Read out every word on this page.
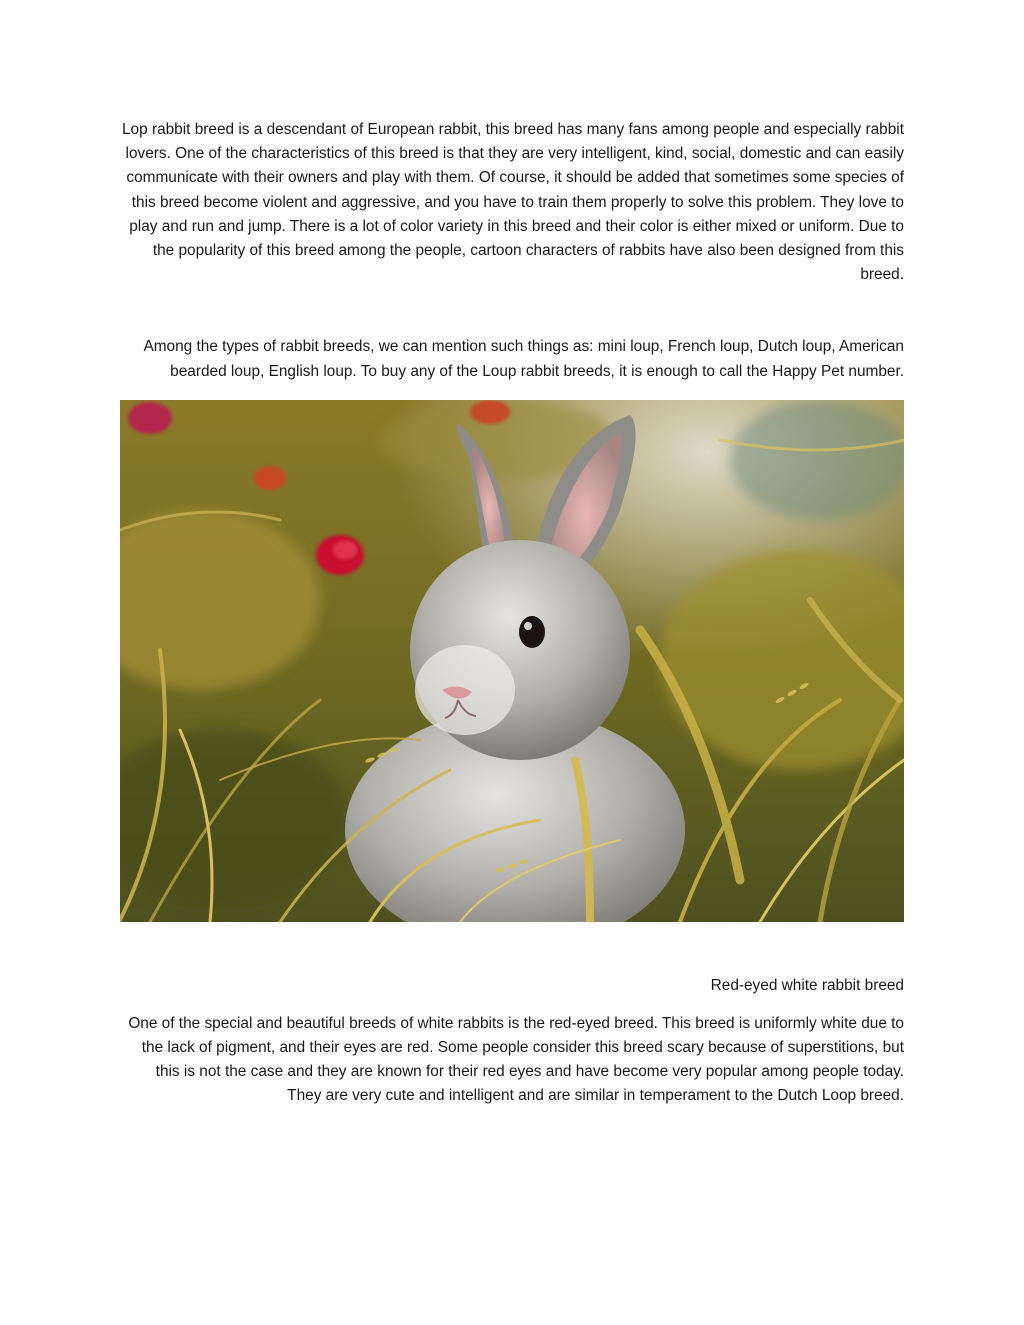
Lop rabbit breed is a descendant of European rabbit, this breed has many fans among people and especially rabbit lovers. One of the characteristics of this breed is that they are very intelligent, kind, social, domestic and can easily communicate with their owners and play with them. Of course, it should be added that sometimes some species of this breed become violent and aggressive, and you have to train them properly to solve this problem. They love to play and run and jump. There is a lot of color variety in this breed and their color is either mixed or uniform. Due to the popularity of this breed among the people, cartoon characters of rabbits have also been designed from this breed.

Among the types of rabbit breeds, we can mention such things as: mini loup, French loup, Dutch loup, American bearded loup, English loup. To buy any of the Loup rabbit breeds, it is enough to call the Happy Pet number.

Red-eyed white rabbit breed

One of the special and beautiful breeds of white rabbits is the red-eyed breed. This breed is uniformly white due to the lack of pigment, and their eyes are red. Some people consider this breed scary because of superstitions, but this is not the case and they are known for their red eyes and have become very popular among people today. They are very cute and intelligent and are similar in temperament to the Dutch Loop breed.
